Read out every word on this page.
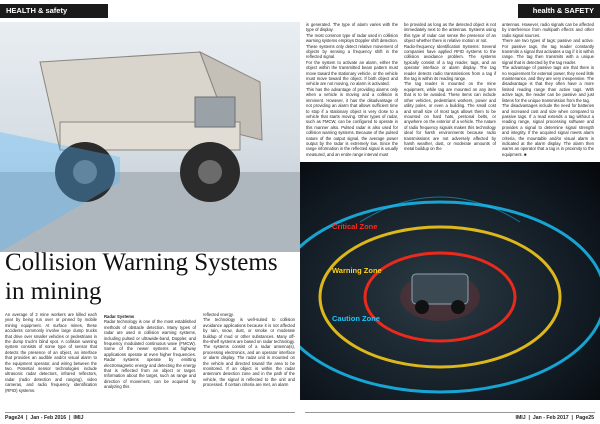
HEALTH & safety
Collision Warning Systems in mining
An average of 2 mine workers are killed each year by being run over or pinned by mobile mining equipment. At surface mines, these accidents commonly involve large dump trucks that drive over smaller vehicles or pedestrians in the dump truck's blind spot. A collision warning system consists of some type of sensor that detects the presence of an object, an interface that provides an audible and/or visual alarm to the equipment operator, and wiring between the two. Potential sensor technologies include ultrasonic radar detectors, infrared reflectors, radar (radio detection and ranging), video cameras, and radio frequency identification (RFID) systems.
Radar Systems
Radar technology is one of the most established methods of obstacle detection. Many types of radar are used in collision warning systems, including pulsed or ultrawide-band, Doppler, and frequency modulated continuous wave (FMCW). Some of the newer systems at highway applications operate at even higher frequencies. Radar systems operate by emitting electromagnetic energy and detecting the energy that is reflected from an object or target. Information about the target, such as range and direction of movement, can be acquired by analyzing this
reflected energy.
The technology is well-suited to collision avoidance applications because it is not affected by rain, snow, dust, or smoke or moderate buildup of mud or other substances. Many off-the-shelf systems are based on radar technology. The systems consist of a radar antenna(s), processing electronics, and an operator interface or alarm display. The radar unit is mounted on the vehicle and directed toward the area to be monitored. If an object is within the radar antenna's detection zone and in the path of the vehicle, the signal is reflected to the unit and processed. If certain criteria are met, an alarm
Page24  |  Jan - Feb 2016  |  IMIJ
health & SAFETY
is generated. The type of alarm varies with the type of display.
The most common type of radar used in collision warning systems employs Doppler shift detection. These systems only detect relative movement of objects by sensing a frequency shift in the reflected signal.
For the system to activate an alarm, either the object within the transmitted beam pattern must move toward the stationary vehicle, or the vehicle must move toward the object. If both object and vehicle are not moving, no alarm is activated.
This has the advantage of providing alarms only when a vehicle is moving and a collision is imminent. However, it has the disadvantage of not providing an alarm that allows sufficient time to stop if a stationary object is very close to a vehicle that starts moving. Other types of radar, such as FMCW, can be configured to operate in this manner also. Pulsed radar is also used for collision warning systems. Because of the pulsed nature of the output signal, the average power output by the radar is extremely low. Since the range information in the reflected signal is usually measured, and an entire range interval must
be provided as long as the detected object is not immediately next to the antennas. Systems using this type of radar can sense the presence of an object whether there is relative motion or not.
Radio-frequency Identification Systems: Several companies have applied RFID systems to the collision avoidance problem. The systems typically consist of a tag reader, tags, and an operator interface or alarm display. The tag reader detects radio transmissions from a tag if the tag is within its reading range.
The tag reader is mounted on the mine equipment, while tag are mounted on any item that is to be avoided. These items can include other vehicles, pedestrians workers, power and utility poles, or even a building. The small cost and small size of most tags allows them to be mounted on hard hats, personal belts, or anywhere on the exterior of a vehicle. The nature of radio frequency signals makes this technology ideal for harsh environments because radio transmissions are not adversely affected by harsh weather, dust, or moderate amounts of metal buildup on the
antennas. However, radio signals can be affected by interference from multipath effects and other radio signal sources.
There are two types of tags: passive and active. For passive tags, the tag reader constantly transmits a signal that activates a tag if it is within range. The tag then transmits with a unique signal that is detected by the tag reader.
The advantage of passive tags are that there is no requirement for external power, they need little maintenance, and they are very inexpensive. The disadvantage is that they often have a more limited reading range than active tags. With active tags, the reader can be passive and just listens for the unique transmission from the tag.
The disadvantages include the need for batteries and increased cost and size when compared to passive tags. If a read extends a tag without a reading range, signal processing software and provides a signal to determine signal strength and integrity. If the acquired signal meets alarm criteria, the mountable and/or visual alarm is indicated at the alarm display. The alarm then warns an operator that a tag is in proximity to the equipment. ■
Critical Zone
Warning Zone
Caution Zone
IMIJ  |  Jan - Feb 2017  |  Page25
